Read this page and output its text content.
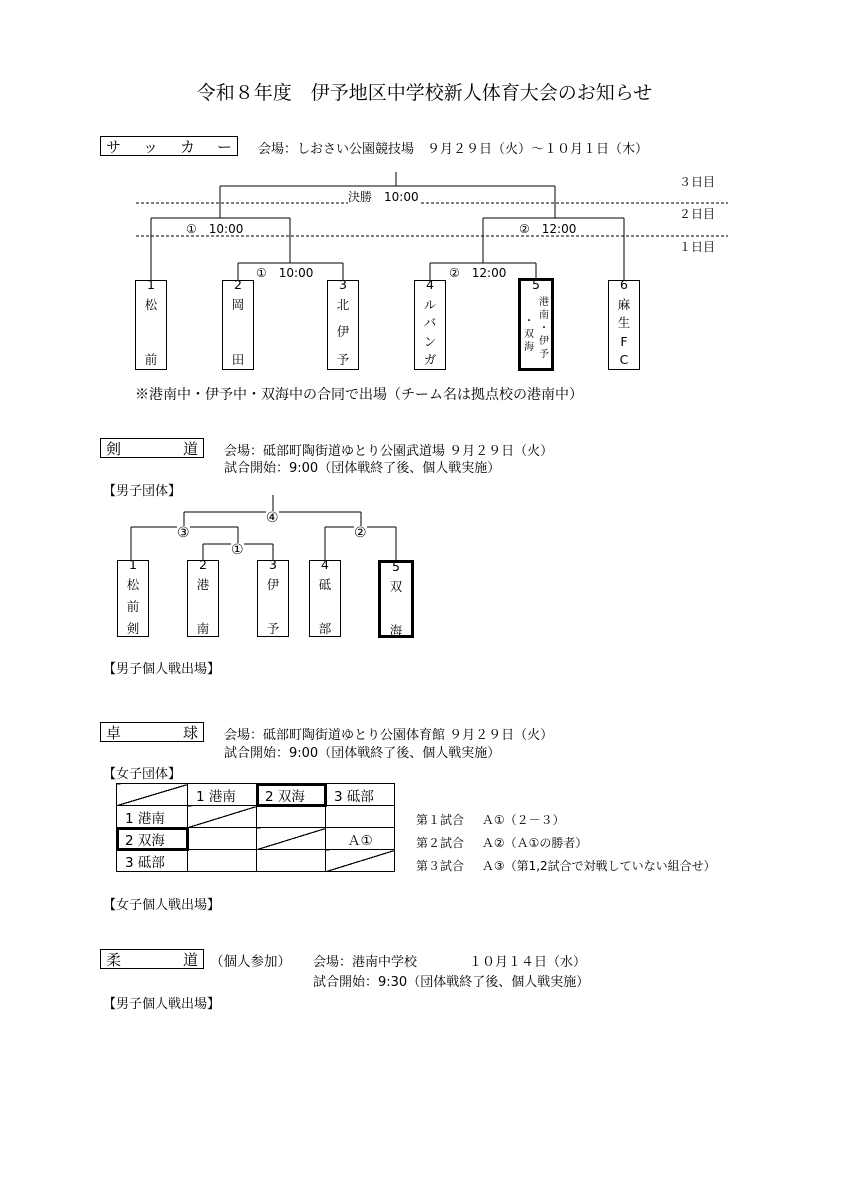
令和８年度　伊予地区中学校新人体育大会のお知らせ
サ ッ カ ー 会場：しおさい公園競技場　９月２９日（火）～１０月１日（木）
３日目
２日目
１日目
決勝　10:00
①　10:00	②　12:00
①　10:00	②　12:00
1
松
前
2
岡
田
3
北
伊
予
4
ル
バ
ン
ガ
5
・
双
海
港
南
・
伊
予
6
麻
生
F
C
※港南中・伊予中・双海中の合同で出場（チーム名は拠点校の港南中）
剣	道 会場：砥部町陶街道ゆとり公園武道場 ９月２９日（火）
試合開始：9:00（団体戦終了後、個人戦実施）
【男子団体】
④
③	②
①
1
松
前
剣
2
港
南
3
伊
予
4
砥
部
5
双
海
【男子個人戦出場】
卓	球 会場：砥部町陶街道ゆとり公園体育館 ９月２９日（火）
試合開始：9:00（団体戦終了後、個人戦実施）
【女子団体】
	1 港南	2 双海	3 砥部
1 港南			
2 双海			Ａ①
3 砥部			
第１試合 Ａ①（２－３）
第２試合 Ａ②（Ａ①の勝者）
第３試合 Ａ③（第1,2試合で対戦していない組合せ）
【女子個人戦出場】
柔	道 （個人参加） 会場：港南中学校　　　　１０月１４日（水）
試合開始：9:30（団体戦終了後、個人戦実施）
【男子個人戦出場】
